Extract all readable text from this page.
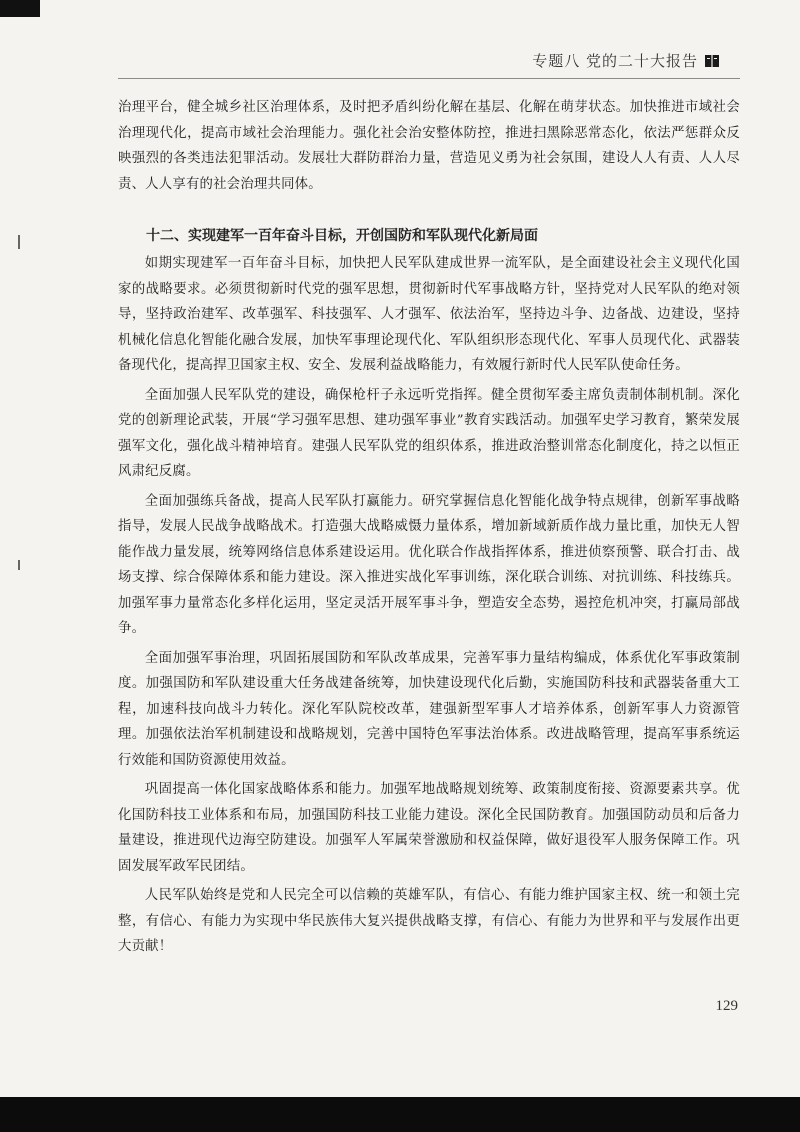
专题八 党的二十大报告

治理平台，健全城乡社区治理体系，及时把矛盾纠纷化解在基层、化解在萌芽状态。加快推进市域社会治理现代化，提高市域社会治理能力。强化社会治安整体防控，推进扫黑除恶常态化，依法严惩群众反映强烈的各类违法犯罪活动。发展壮大群防群治力量，营造见义勇为社会氛围，建设人人有责、人人尽责、人人享有的社会治理共同体。

十二、实现建军一百年奋斗目标，开创国防和军队现代化新局面

如期实现建军一百年奋斗目标，加快把人民军队建成世界一流军队，是全面建设社会主义现代化国家的战略要求。必须贯彻新时代党的强军思想，贯彻新时代军事战略方针，坚持党对人民军队的绝对领导，坚持政治建军、改革强军、科技强军、人才强军、依法治军，坚持边斗争、边备战、边建设，坚持机械化信息化智能化融合发展，加快军事理论现代化、军队组织形态现代化、军事人员现代化、武器装备现代化，提高捍卫国家主权、安全、发展利益战略能力，有效履行新时代人民军队使命任务。

全面加强人民军队党的建设，确保枪杆子永远听党指挥。健全贯彻军委主席负责制体制机制。深化党的创新理论武装，开展“学习强军思想、建功强军事业”教育实践活动。加强军史学习教育，繁荣发展强军文化，强化战斗精神培育。建强人民军队党的组织体系，推进政治整训常态化制度化，持之以恒正风肃纪反腐。

全面加强练兵备战，提高人民军队打赢能力。研究掌握信息化智能化战争特点规律，创新军事战略指导，发展人民战争战略战术。打造强大战略威慑力量体系，增加新域新质作战力量比重，加快无人智能作战力量发展，统筹网络信息体系建设运用。优化联合作战指挥体系，推进侦察预警、联合打击、战场支撑、综合保障体系和能力建设。深入推进实战化军事训练，深化联合训练、对抗训练、科技练兵。加强军事力量常态化多样化运用，坚定灵活开展军事斗争，塑造安全态势，遏控危机冲突，打赢局部战争。

全面加强军事治理，巩固拓展国防和军队改革成果，完善军事力量结构编成，体系优化军事政策制度。加强国防和军队建设重大任务战建备统筹，加快建设现代化后勤，实施国防科技和武器装备重大工程，加速科技向战斗力转化。深化军队院校改革，建强新型军事人才培养体系，创新军事人力资源管理。加强依法治军机制建设和战略规划，完善中国特色军事法治体系。改进战略管理，提高军事系统运行效能和国防资源使用效益。

巩固提高一体化国家战略体系和能力。加强军地战略规划统筹、政策制度衔接、资源要素共享。优化国防科技工业体系和布局，加强国防科技工业能力建设。深化全民国防教育。加强国防动员和后备力量建设，推进现代边海空防建设。加强军人军属荣誉激励和权益保障，做好退役军人服务保障工作。巩固发展军政军民团结。

人民军队始终是党和人民完全可以信赖的英雄军队，有信心、有能力维护国家主权、统一和领土完整，有信心、有能力为实现中华民族伟大复兴提供战略支撑，有信心、有能力为世界和平与发展作出更大贡献！

129
